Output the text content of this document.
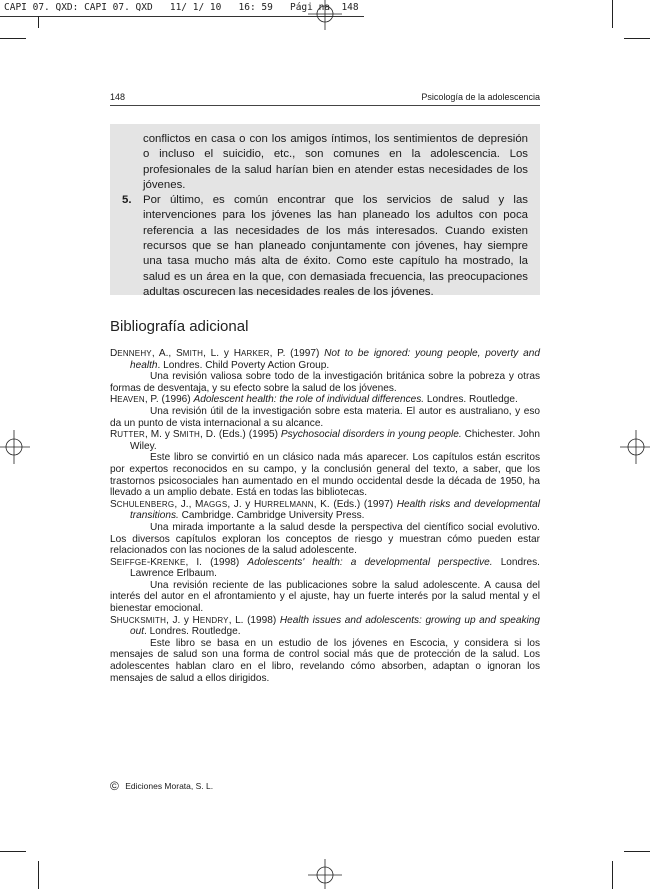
CAPI 07. QXD: CAPI 07. QXD   11/ 1/ 10   16: 59   Pági na  148
148	Psicología de la adolescencia

conflictos en casa o con los amigos íntimos, los sentimientos de depresión o incluso el suicidio, etc., son comunes en la adolescencia. Los profesionales de la salud harían bien en atender estas necesidades de los jóvenes.

5. Por último, es común encontrar que los servicios de salud y las intervenciones para los jóvenes las han planeado los adultos con poca referencia a las necesidades de los más interesados. Cuando existen recursos que se han planeado conjuntamente con jóvenes, hay siempre una tasa mucho más alta de éxito. Como este capítulo ha mostrado, la salud es un área en la que, con demasiada frecuencia, las preocupaciones adultas oscurecen las necesidades reales de los jóvenes.

Bibliografía adicional

DENNEHY, A., SMITH, L. y HARKER, P. (1997) Not to be ignored: young people, poverty and health. Londres. Child Poverty Action Group.

Una revisión valiosa sobre todo de la investigación británica sobre la pobreza y otras formas de desventaja, y su efecto sobre la salud de los jóvenes.

HEAVEN, P. (1996) Adolescent health: the role of individual differences. Londres. Routledge.

Una revisión útil de la investigación sobre esta materia. El autor es australiano, y eso da un punto de vista internacional a su alcance.

RUTTER, M. y SMITH, D. (Eds.) (1995) Psychosocial disorders in young people. Chichester. John Wiley.

Este libro se convirtió en un clásico nada más aparecer. Los capítulos están escritos por expertos reconocidos en su campo, y la conclusión general del texto, a saber, que los trastornos psicosociales han aumentado en el mundo occidental desde la década de 1950, ha llevado a un amplio debate. Está en todas las bibliotecas.

SCHULENBERG, J., MAGGS, J. y HURRELMANN, K. (Eds.) (1997) Health risks and developmental transitions. Cambridge. Cambridge University Press.

Una mirada importante a la salud desde la perspectiva del científico social evolutivo. Los diversos capítulos exploran los conceptos de riesgo y muestran cómo pueden estar relacionados con las nociones de la salud adolescente.

SEIFFGE-KRENKE, I. (1998) Adolescents' health: a developmental perspective. Londres. Lawrence Erlbaum.

Una revisión reciente de las publicaciones sobre la salud adolescente. A causa del interés del autor en el afrontamiento y el ajuste, hay un fuerte interés por la salud mental y el bienestar emocional.

SHUCKSMITH, J. y HENDRY, L. (1998) Health issues and adolescents: growing up and speaking out. Londres. Routledge.

Este libro se basa en un estudio de los jóvenes en Escocia, y considera si los mensajes de salud son una forma de control social más que de protección de la salud. Los adolescentes hablan claro en el libro, revelando cómo absorben, adaptan o ignoran los mensajes de salud a ellos dirigidos.

© Ediciones Morata, S. L.
